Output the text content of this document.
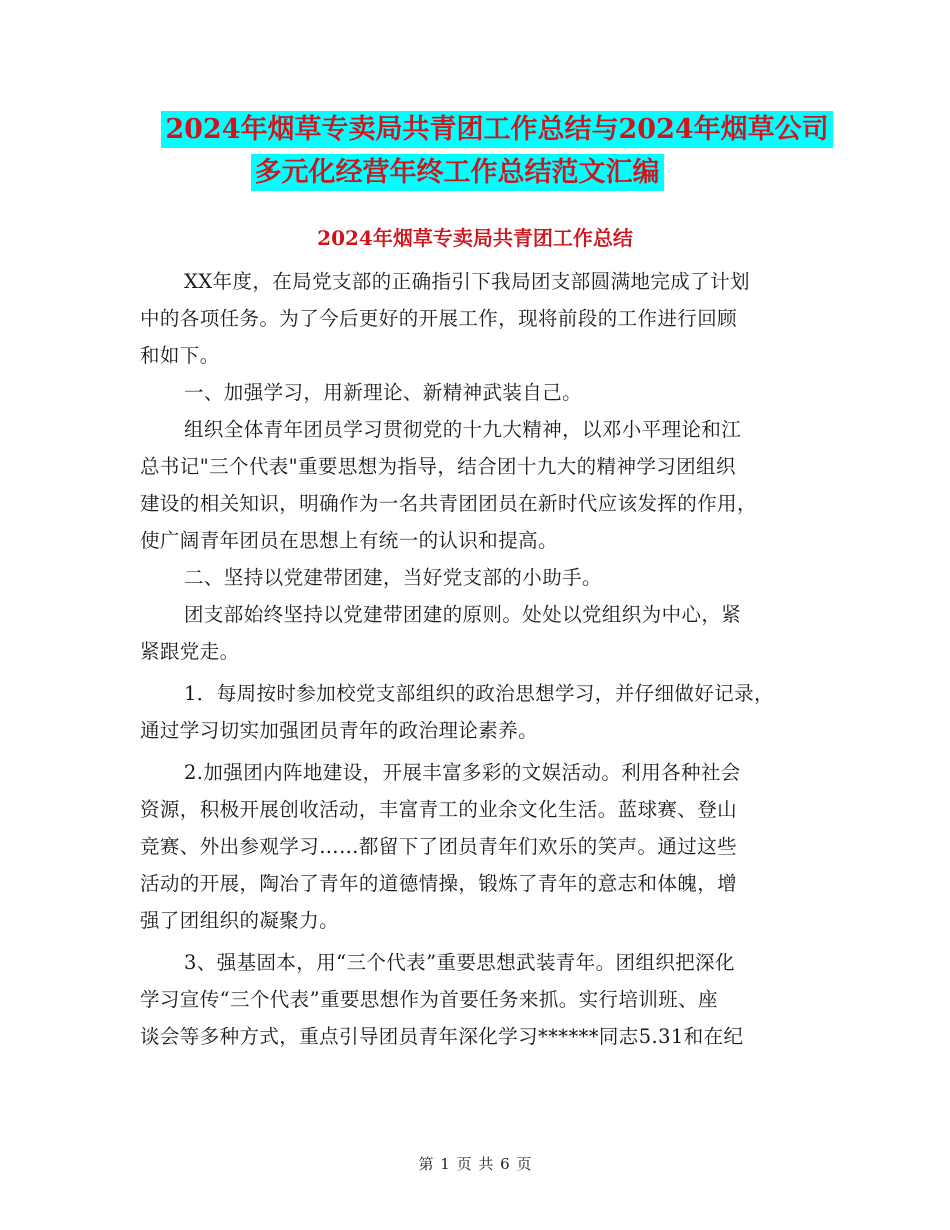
2024年烟草专卖局共青团工作总结与2024年烟草公司
多元化经营年终工作总结范文汇编
2024年烟草专卖局共青团工作总结
XX年度，在局党支部的正确指引下我局团支部圆满地完成了计划
中的各项任务。为了今后更好的开展工作，现将前段的工作进行回顾
和如下。
一、加强学习，用新理论、新精神武装自己。
组织全体青年团员学习贯彻党的十九大精神，以邓小平理论和江
总书记"三个代表"重要思想为指导，结合团十九大的精神学习团组织
建设的相关知识，明确作为一名共青团团员在新时代应该发挥的作用，
使广阔青年团员在思想上有统一的认识和提高。
二、坚持以党建带团建，当好党支部的小助手。
团支部始终坚持以党建带团建的原则。处处以党组织为中心，紧
紧跟党走。
1．每周按时参加校党支部组织的政治思想学习，并仔细做好记录，
通过学习切实加强团员青年的政治理论素养。
2.加强团内阵地建设，开展丰富多彩的文娱活动。利用各种社会
资源，积极开展创收活动，丰富青工的业余文化生活。蓝球赛、登山
竞赛、外出参观学习……都留下了团员青年们欢乐的笑声。通过这些
活动的开展，陶冶了青年的道德情操，锻炼了青年的意志和体魄，增
强了团组织的凝聚力。
3、强基固本，用“三个代表”重要思想武装青年。团组织把深化
学习宣传“三个代表”重要思想作为首要任务来抓。实行培训班、座
谈会等多种方式，重点引导团员青年深化学习******同志5.31和在纪
第 1 页 共 6 页
